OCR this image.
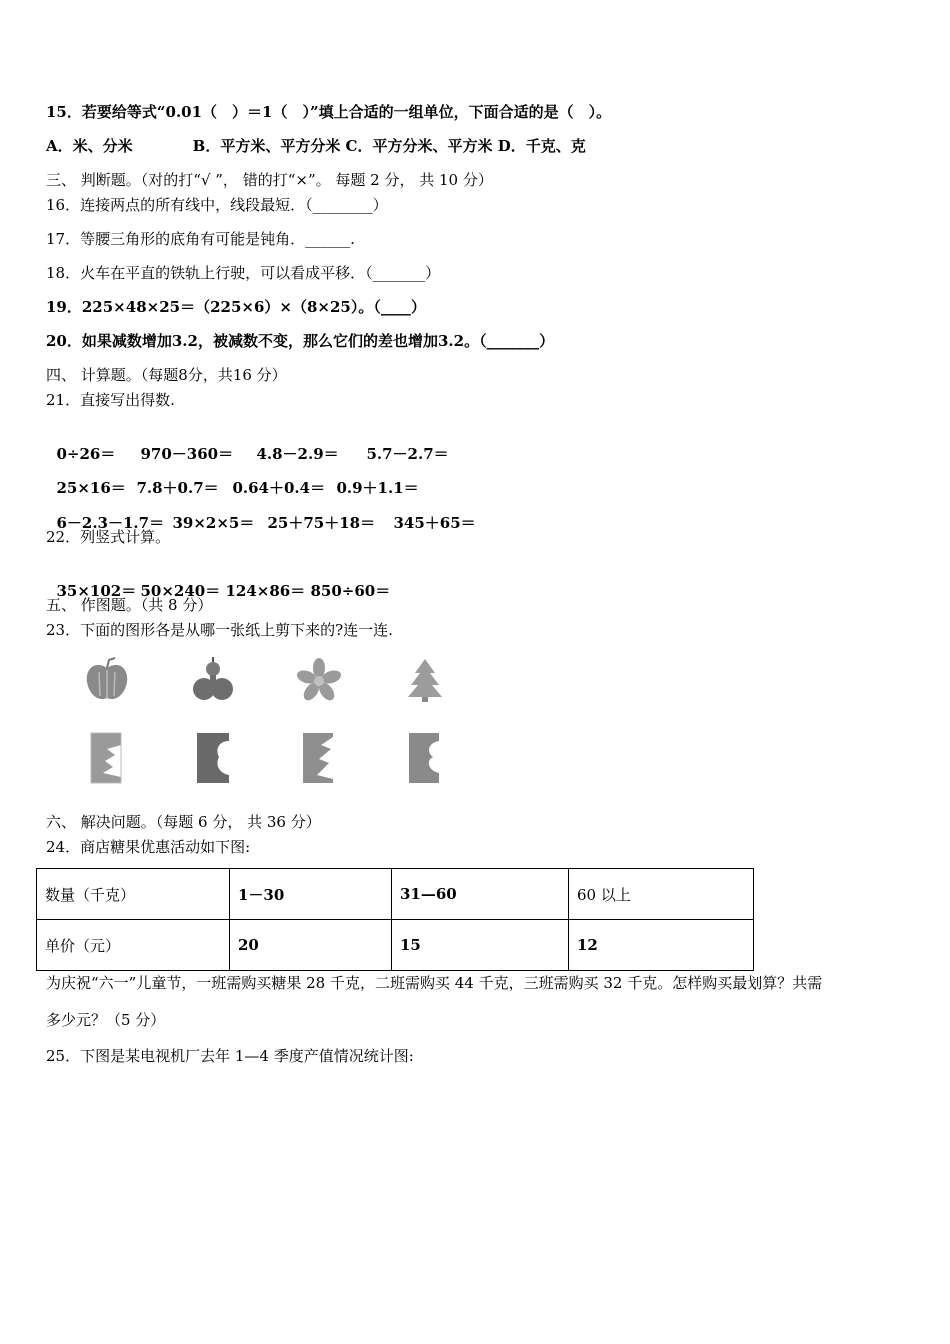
15．若要给等式“0.01（　）＝1（　）”填上合适的一组单位，下面合适的是（　）。
A．米、分米　　　　B．平方米、平方分米 C．平方分米、平方米 D．千克、克
三、 判断题。（对的打“√ ”， 错的打“×”。 每题 2 分， 共 10 分）
16．连接两点的所有线中，线段最短．（________）
17．等腰三角形的底角有可能是钝角．______.
18．火车在平直的铁轨上行驶，可以看成平移．（_______）
19．225×48×25＝（225×6）×（8×25）。（____）
20．如果减数增加3.2，被减数不变，那么它们的差也增加3.2。（_______）
四、 计算题。（每题8分，共16 分）
21．直接写出得数.

0÷26＝ 970－360＝ 4.8－2.9＝ 5.7－2.7＝

25×16＝ 7.8＋0.7＝ 0.64＋0.4＝ 0.9＋1.1＝

6－2.3－1.7＝ 39×2×5＝ 25＋75＋18＝ 345＋65＝

22．列竖式计算。

35×102＝ 50×240＝ 124×86＝ 850÷60＝

五、 作图题。（共 8 分）
23．下面的图形各是从哪一张纸上剪下来的?连一连.
六、 解决问题。（每题 6 分， 共 36 分）
24．商店糖果优惠活动如下图:
数量（千克）	1－30	31—60	60 以上
单价（元）	20	15	12
为庆祝“六一”儿童节，一班需购买糖果 28 千克，二班需购买 44 千克，三班需购买 32 千克。怎样购买最划算？共需
多少元？（5 分）
25．下图是某电视机厂去年 1—4 季度产值情况统计图:
